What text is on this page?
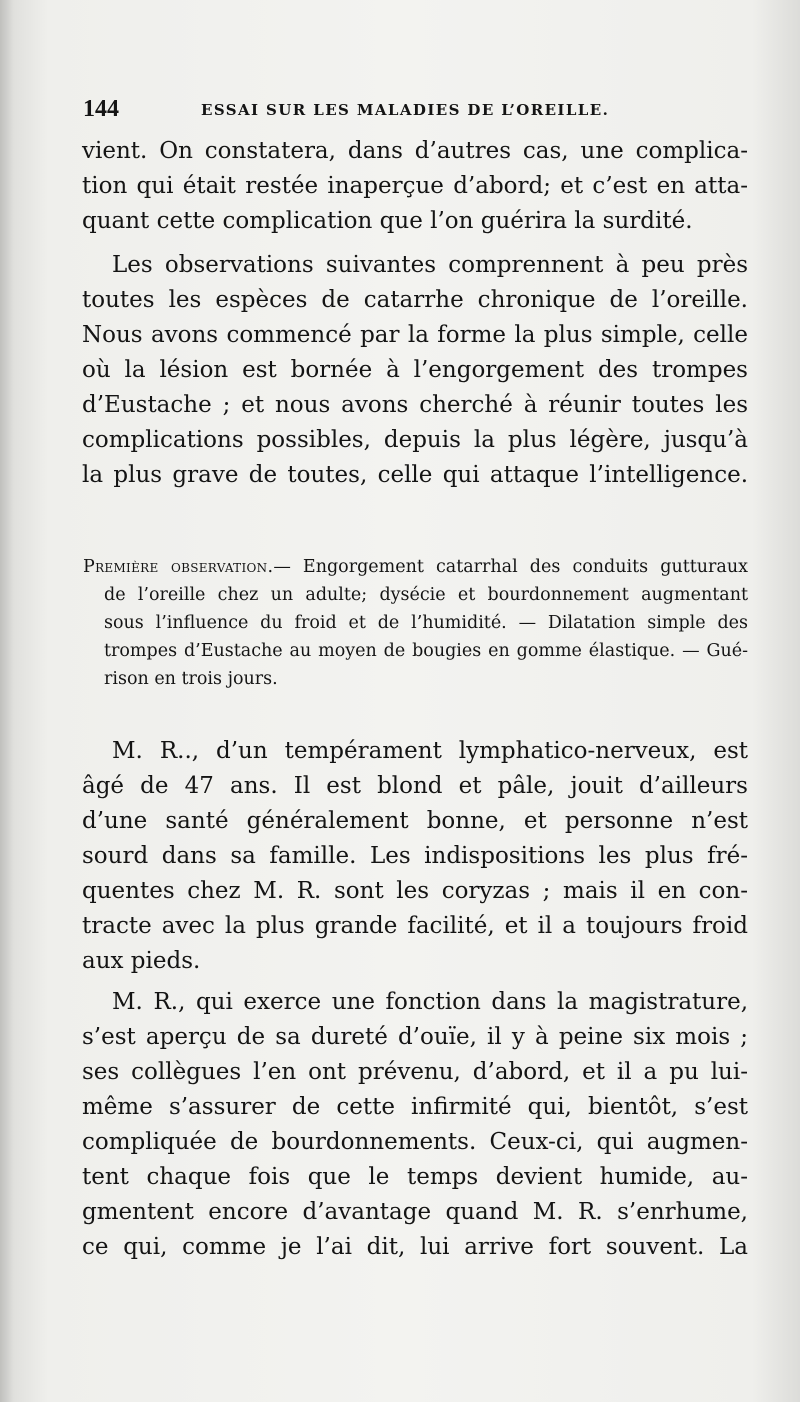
144	ESSAI SUR LES MALADIES DE L’OREILLE.
vient. On constatera, dans d’autres cas, une complica-
tion qui était restée inaperçue d’abord; et c’est en atta-
quant cette complication que l’on guérira la surdité.
Les observations suivantes comprennent à peu près
toutes les espèces de catarrhe chronique de l’oreille.
Nous avons commencé par la forme la plus simple, celle
où la lésion est bornée à l’engorgement des trompes
d’Eustache ; et nous avons cherché à réunir toutes les
complications possibles, depuis la plus légère, jusqu’à
la plus grave de toutes, celle qui attaque l’intelligence.
Première observation.— Engorgement catarrhal des conduits gutturaux
de l’oreille chez un adulte; dysécie et bourdonnement augmentant
sous l’influence du froid et de l’humidité. — Dilatation simple des
trompes d’Eustache au moyen de bougies en gomme élastique. — Gué-
rison en trois jours.
M. R.., d’un tempérament lymphatico-nerveux, est
âgé de 47 ans. Il est blond et pâle, jouit d’ailleurs
d’une santé généralement bonne, et personne n’est
sourd dans sa famille. Les indispositions les plus fré-
quentes chez M. R. sont les coryzas ; mais il en con-
tracte avec la plus grande facilité, et il a toujours froid
aux pieds.
M. R., qui exerce une fonction dans la magistrature,
s’est aperçu de sa dureté d’ouïe, il y à peine six mois ;
ses collègues l’en ont prévenu, d’abord, et il a pu lui-
même s’assurer de cette infirmité qui, bientôt, s’est
compliquée de bourdonnements. Ceux-ci, qui augmen-
tent chaque fois que le temps devient humide, au-
gmentent encore d’avantage quand M. R. s’enrhume,
ce qui, comme je l’ai dit, lui arrive fort souvent. La
